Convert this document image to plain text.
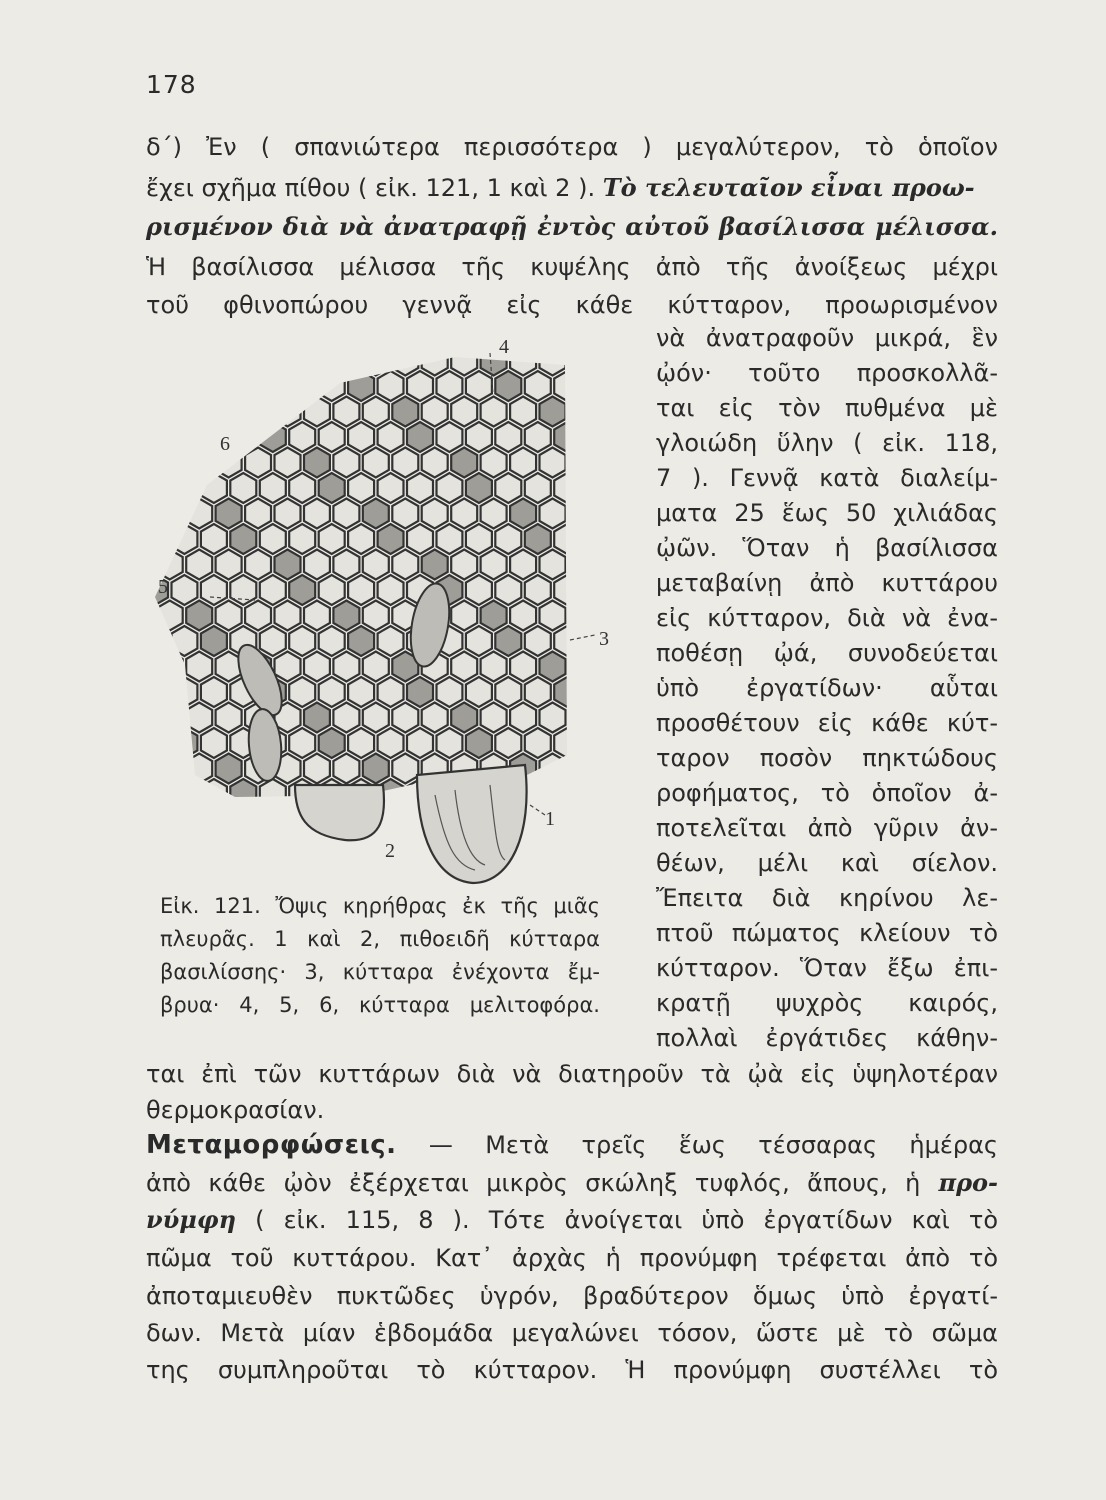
178
δ΄) Ἐν ( σπανιώτερα περισσότερα ) μεγαλύτερον, τὸ ὁποῖον
ἔχει σχῆμα πίθου ( εἰκ. 121, 1 καὶ 2 ). Τὸ τελευταῖον εἶναι προω-
ρισμένον διὰ νὰ ἀνατραφῇ ἐντὸς αὐτοῦ βασίλισσα μέλισσα.
Ἡ βασίλισσα μέλισσα τῆς κυψέλης ἀπὸ τῆς ἀνοίξεως μέχρι
τοῦ φθινοπώρου γεννᾷ εἰς κάθε κύτταρον, προωρισμένον
νὰ ἀνατραφοῦν μικρά, ἓν
ᾠόν· τοῦτο προσκολλᾶ-
ται εἰς τὸν πυθμένα μὲ
γλοιώδη ὕλην ( εἰκ. 118,
7 ). Γεννᾷ κατὰ διαλείμ-
ματα 25 ἕως 50 χιλιάδας
ᾠῶν. Ὅταν ἡ βασίλισσα
μεταβαίνῃ ἀπὸ κυττάρου
εἰς κύτταρον, διὰ νὰ ἐνα-
ποθέσῃ ᾠά, συνοδεύεται
ὑπὸ ἐργατίδων· αὗται
προσθέτουν εἰς κάθε κύτ-
ταρον ποσὸν πηκτώδους
ροφήματος, τὸ ὁποῖον ἀ-
ποτελεῖται ἀπὸ γῦριν ἀν-
θέων, μέλι καὶ σίελον.
Ἔπειτα διὰ κηρίνου λε-
πτοῦ πώματος κλείουν τὸ
κύτταρον. Ὅταν ἔξω ἐπι-
κρατῇ ψυχρὸς καιρός,
πολλαὶ ἐργάτιδες κάθην-
4
6
5
3
1
2
Εἰκ. 121. Ὄψις κηρήθρας ἐκ τῆς μιᾶς
πλευρᾶς. 1 καὶ 2, πιθοειδῆ κύτταρα
βασιλίσσης· 3, κύτταρα ἐνέχοντα ἔμ-
βρυα· 4, 5, 6, κύτταρα μελιτοφόρα.
ται ἐπὶ τῶν κυττάρων διὰ νὰ διατηροῦν τὰ ᾠὰ εἰς ὑψηλοτέραν
θερμοκρασίαν.
Μεταμορφώσεις. — Μετὰ τρεῖς ἕως τέσσαρας ἡμέρας
ἀπὸ κάθε ᾠὸν ἐξέρχεται μικρὸς σκώληξ τυφλός, ἄπους, ἡ προ-
νύμφη ( εἰκ. 115, 8 ). Τότε ἀνοίγεται ὑπὸ ἐργατίδων καὶ τὸ
πῶμα τοῦ κυττάρου. Κατ᾽ ἀρχὰς ἡ προνύμφη τρέφεται ἀπὸ τὸ
ἀποταμιευθὲν πυκτῶδες ὑγρόν, βραδύτερον ὅμως ὑπὸ ἐργατί-
δων. Μετὰ μίαν ἑβδομάδα μεγαλώνει τόσον, ὥστε μὲ τὸ σῶμα
της συμπληροῦται τὸ κύτταρον. Ἡ προνύμφη συστέλλει τὸ
